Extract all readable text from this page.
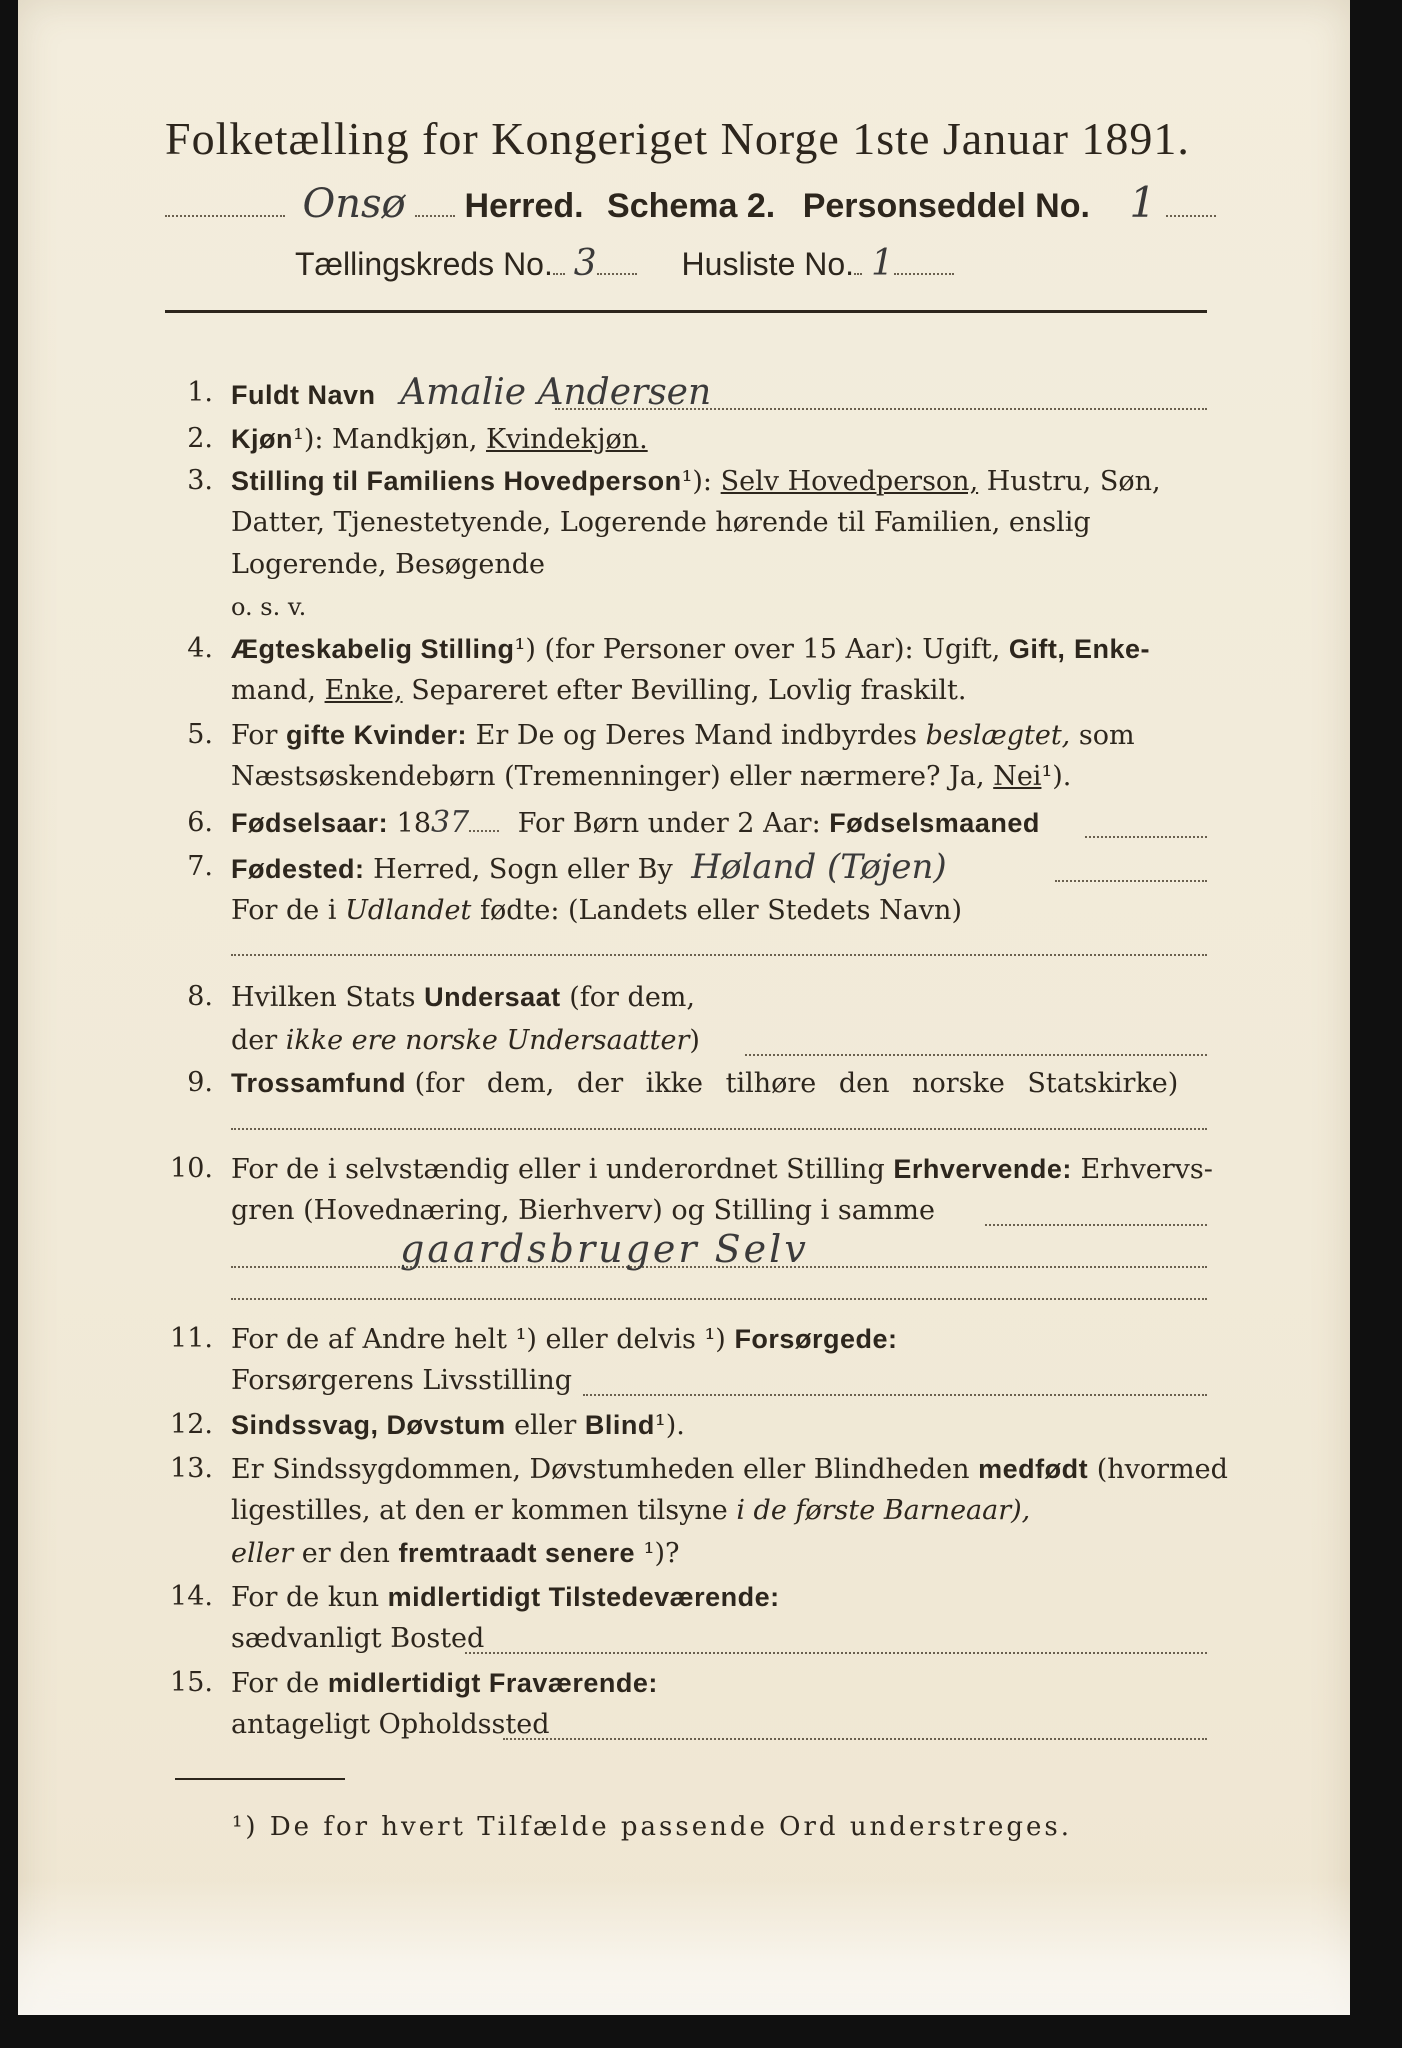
Folketælling for Kongeriget Norge 1ste Januar 1891.
Onsø Herred. Schema 2. Personseddel No. 1
Tællingskreds No. 3	Husliste No. 1
1. Fuldt Navn Amalie Andersen
2. Kjøn¹): Mandkjøn, Kvindekjøn.
3. Stilling til Familiens Hovedperson¹): Selv Hovedperson, Hustru, Søn,
Datter, Tjenestetyende, Logerende hørende til Familien, enslig
Logerende, Besøgende
o. s. v.
4. Ægteskabelig Stilling¹) (for Personer over 15 Aar): Ugift, Gift, Enke-
mand, Enke, Separeret efter Bevilling, Lovlig fraskilt.
5. For gifte Kvinder: Er De og Deres Mand indbyrdes beslægtet, som
Næstsøskendebørn (Tremenninger) eller nærmere? Ja, Nei¹).
6. Fødselsaar: 1837 For Børn under 2 Aar: Fødselsmaaned
7. Fødested: Herred, Sogn eller By Høland (Tøjen)
For de i Udlandet fødte: (Landets eller Stedets Navn)
8. Hvilken Stats Undersaat (for dem,
der ikke ere norske Undersaatter)
9. Trossamfund (for dem, der ikke tilhøre den norske Statskirke)
10. For de i selvstændig eller i underordnet Stilling Erhvervende: Erhvervs-
gren (Hovednæring, Bierhverv) og Stilling i samme
gaardsbruger Selv
11. For de af Andre helt ¹) eller delvis ¹) Forsørgede:
Forsørgerens Livsstilling
12. Sindssvag, Døvstum eller Blind¹).
13. Er Sindssygdommen, Døvstumheden eller Blindheden medfødt (hvormed
ligestilles, at den er kommen tilsyne i de første Barneaar),
eller er den fremtraadt senere ¹)?
14. For de kun midlertidigt Tilstedeværende:
sædvanligt Bosted
15. For de midlertidigt Fraværende:
antageligt Opholdssted
¹) De for hvert Tilfælde passende Ord understreges.
